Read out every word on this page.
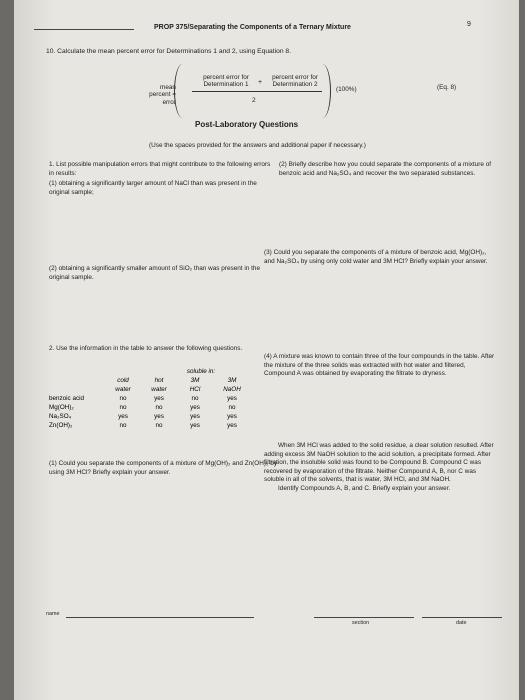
PROP 375/Separating the Components of a Ternary Mixture	9
10. Calculate the mean percent error for Determinations 1 and 2, using Equation 8.
mean
percent =
error
percent error for
Determination 1	+
percent error for
Determination 2
2
(100%)	(Eq. 8)
Post-Laboratory Questions
(Use the spaces provided for the answers and additional paper if necessary.)
1. List possible manipulation errors that might contribute to the following errors in results:
(1) obtaining a significantly larger amount of NaCl than was present in the original sample;
(2) Briefly describe how you could separate the components of a mixture of benzoic acid and Na₂SO₄ and recover the two separated substances.
(2) obtaining a significantly smaller amount of SiO₂ than was present in the original sample.
(3) Could you separate the components of a mixture of benzoic acid, Mg(OH)₂, and Na₂SO₄ by using only cold water and 3M HCl? Briefly explain your answer.
2. Use the information in the table to answer the following questions.
		soluble in:		
	cold	hot	3M	3M
	water	water	HCl	NaOH
benzoic acid	no	yes	no	yes
Mg(OH)₂	no	no	yes	no
Na₂SO₄	yes	yes	yes	yes
Zn(OH)₂	no	no	yes	yes
(1) Could you separate the components of a mixture of Mg(OH)₂ and Zn(OH)₂ by using 3M HCl? Briefly explain your answer.
(4) A mixture was known to contain three of the four compounds in the table. After the mixture of the three solids was extracted with hot water and filtered, Compound A was obtained by evaporating the filtrate to dryness.
When 3M HCl was added to the solid residue, a clear solution resulted. After adding excess 3M NaOH solution to the acid solution, a precipitate formed. After filtration, the insoluble solid was found to be Compound B. Compound C was recovered by evaporation of the filtrate. Neither Compound A, B, nor C was soluble in all of the solvents, that is water, 3M HCl, and 3M NaOH.
Identify Compounds A, B, and C. Briefly explain your answer.
name
section	date
